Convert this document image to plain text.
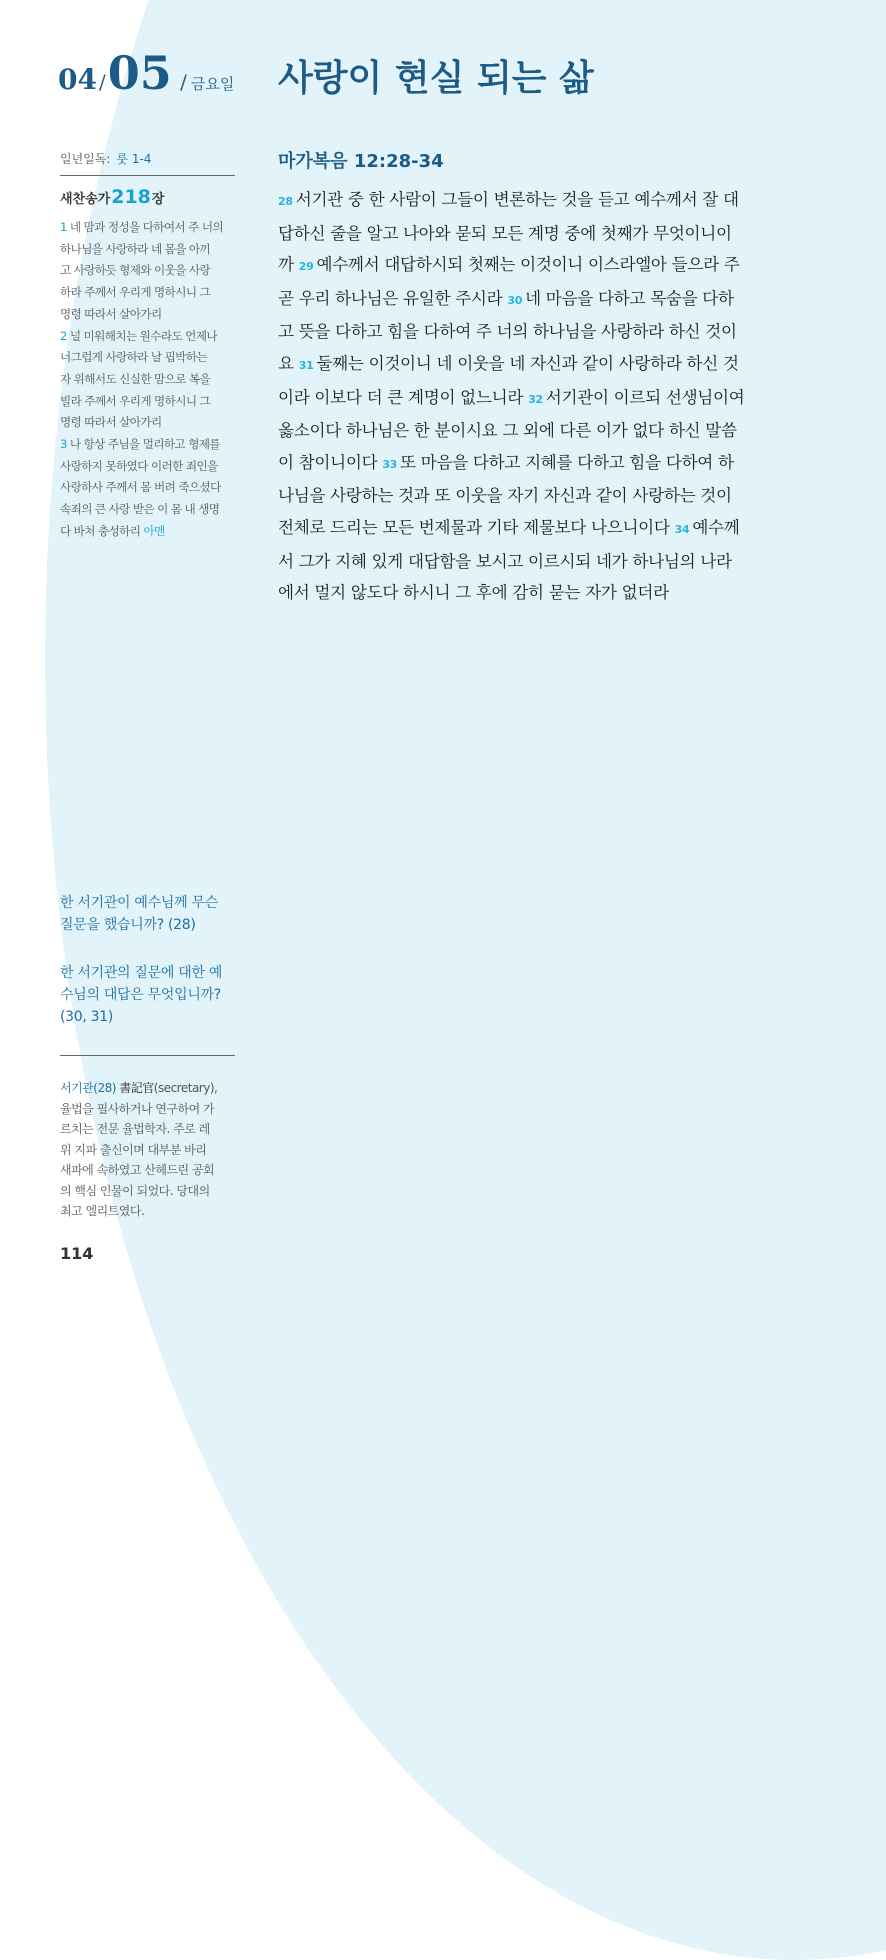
04 /05 / 금요일 사랑이 현실 되는 삶
일년일독: 룻 1-4
새찬송가218장
1 네 맘과 정성을 다하여서 주 너의
하나님을 사랑하라 네 몸을 아끼
고 사랑하듯 형제와 이웃을 사랑
하라 주께서 우리게 명하시니 그
명령 따라서 살아가리
2 널 미워해치는 원수라도 언제나
너그럽게 사랑하라 날 핍박하는
자 위해서도 신실한 맘으로 복을
빌라 주께서 우리게 명하시니 그
명령 따라서 살아가리
3 나 항상 주님을 멀리하고 형제를
사랑하지 못하였다 이러한 죄인을
사랑하사 주께서 몸 버려 죽으셨다
속죄의 큰 사랑 받은 이 몸 내 생명
다 바쳐 충성하리 아멘
한 서기관이 예수님께 무슨
질문을 했습니까? (28)
한 서기관의 질문에 대한 예
수님의 대답은 무엇입니까?
(30, 31)
서기관(28) 書記官(secretary),
율법을 필사하거나 연구하여 가
르치는 전문 율법학자. 주로 레
위 지파 출신이며 대부분 바리
새파에 속하였고 산헤드린 공회
의 핵심 인물이 되었다. 당대의
최고 엘리트였다.
114
마가복음 12:28-34
28 서기관 중 한 사람이 그들이 변론하는 것을 듣고 예수께서 잘 대
답하신 줄을 알고 나아와 묻되 모든 계명 중에 첫째가 무엇이니이
까 29 예수께서 대답하시되 첫째는 이것이니 이스라엘아 들으라 주
곧 우리 하나님은 유일한 주시라 30 네 마음을 다하고 목숨을 다하
고 뜻을 다하고 힘을 다하여 주 너의 하나님을 사랑하라 하신 것이
요 31 둘째는 이것이니 네 이웃을 네 자신과 같이 사랑하라 하신 것
이라 이보다 더 큰 계명이 없느니라 32 서기관이 이르되 선생님이여
옳소이다 하나님은 한 분이시요 그 외에 다른 이가 없다 하신 말씀
이 참이니이다 33 또 마음을 다하고 지혜를 다하고 힘을 다하여 하
나님을 사랑하는 것과 또 이웃을 자기 자신과 같이 사랑하는 것이
전체로 드리는 모든 번제물과 기타 제물보다 나으니이다 34 예수께
서 그가 지혜 있게 대답함을 보시고 이르시되 네가 하나님의 나라
에서 멀지 않도다 하시니 그 후에 감히 묻는 자가 없더라
